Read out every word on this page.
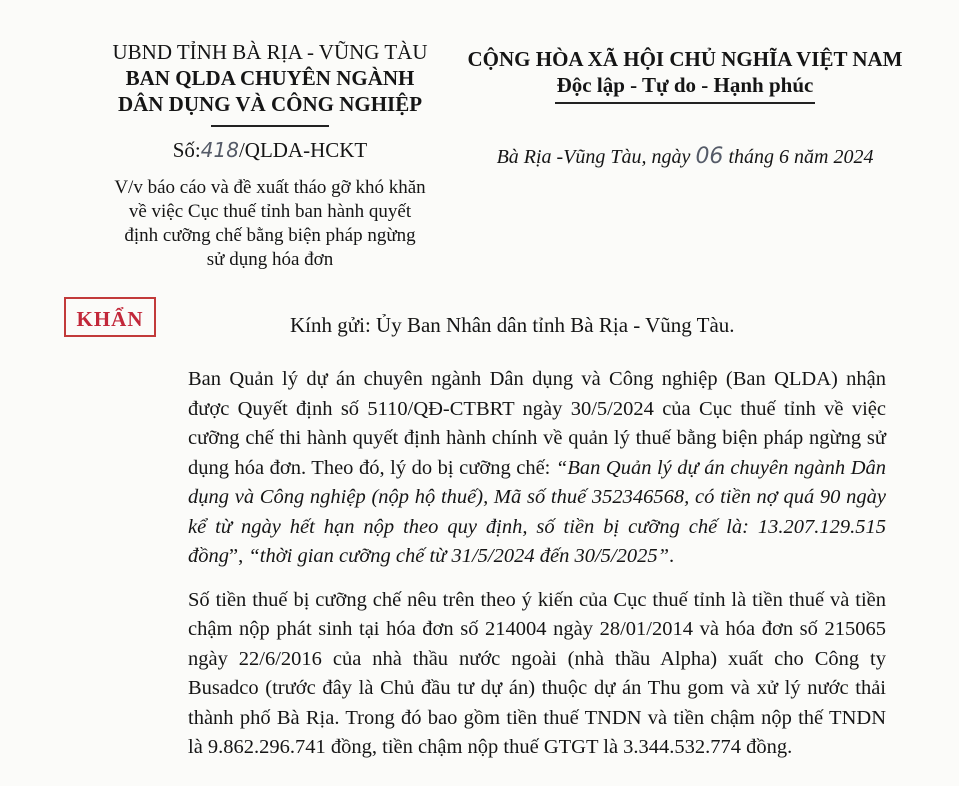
UBND TỈNH BÀ RỊA - VŨNG TÀU
BAN QLDA CHUYÊN NGÀNH
DÂN DỤNG VÀ CÔNG NGHIỆP
Số:418/QLDA-HCKT
V/v báo cáo và đề xuất tháo gỡ khó khăn
về việc Cục thuế tỉnh ban hành quyết
định cưỡng chế bằng biện pháp ngừng
sử dụng hóa đơn
CỘNG HÒA XÃ HỘI CHỦ NGHĨA VIỆT NAM
Độc lập - Tự do - Hạnh phúc
Bà Rịa -Vũng Tàu, ngày 06 tháng 6 năm 2024
KHẨN	Kính gửi: Ủy Ban Nhân dân tỉnh Bà Rịa - Vũng Tàu.

Ban Quản lý dự án chuyên ngành Dân dụng và Công nghiệp (Ban QLDA) nhận được Quyết định số 5110/QĐ-CTBRT ngày 30/5/2024 của Cục thuế tỉnh về việc cưỡng chế thi hành quyết định hành chính về quản lý thuế bằng biện pháp ngừng sử dụng hóa đơn. Theo đó, lý do bị cưỡng chế: “Ban Quản lý dự án chuyên ngành Dân dụng và Công nghiệp (nộp hộ thuế), Mã số thuế 352346568, có tiền nợ quá 90 ngày kể từ ngày hết hạn nộp theo quy định, số tiền bị cưỡng chế là: 13.207.129.515 đồng”, “thời gian cưỡng chế từ 31/5/2024 đến 30/5/2025”.

Số tiền thuế bị cưỡng chế nêu trên theo ý kiến của Cục thuế tỉnh là tiền thuế và tiền chậm nộp phát sinh tại hóa đơn số 214004 ngày 28/01/2014 và hóa đơn số 215065 ngày 22/6/2016 của nhà thầu nước ngoài (nhà thầu Alpha) xuất cho Công ty Busadco (trước đây là Chủ đầu tư dự án) thuộc dự án Thu gom và xử lý nước thải thành phố Bà Rịa. Trong đó bao gồm tiền thuế TNDN và tiền chậm nộp thế TNDN là 9.862.296.741 đồng, tiền chậm nộp thuế GTGT là 3.344.532.774 đồng.
